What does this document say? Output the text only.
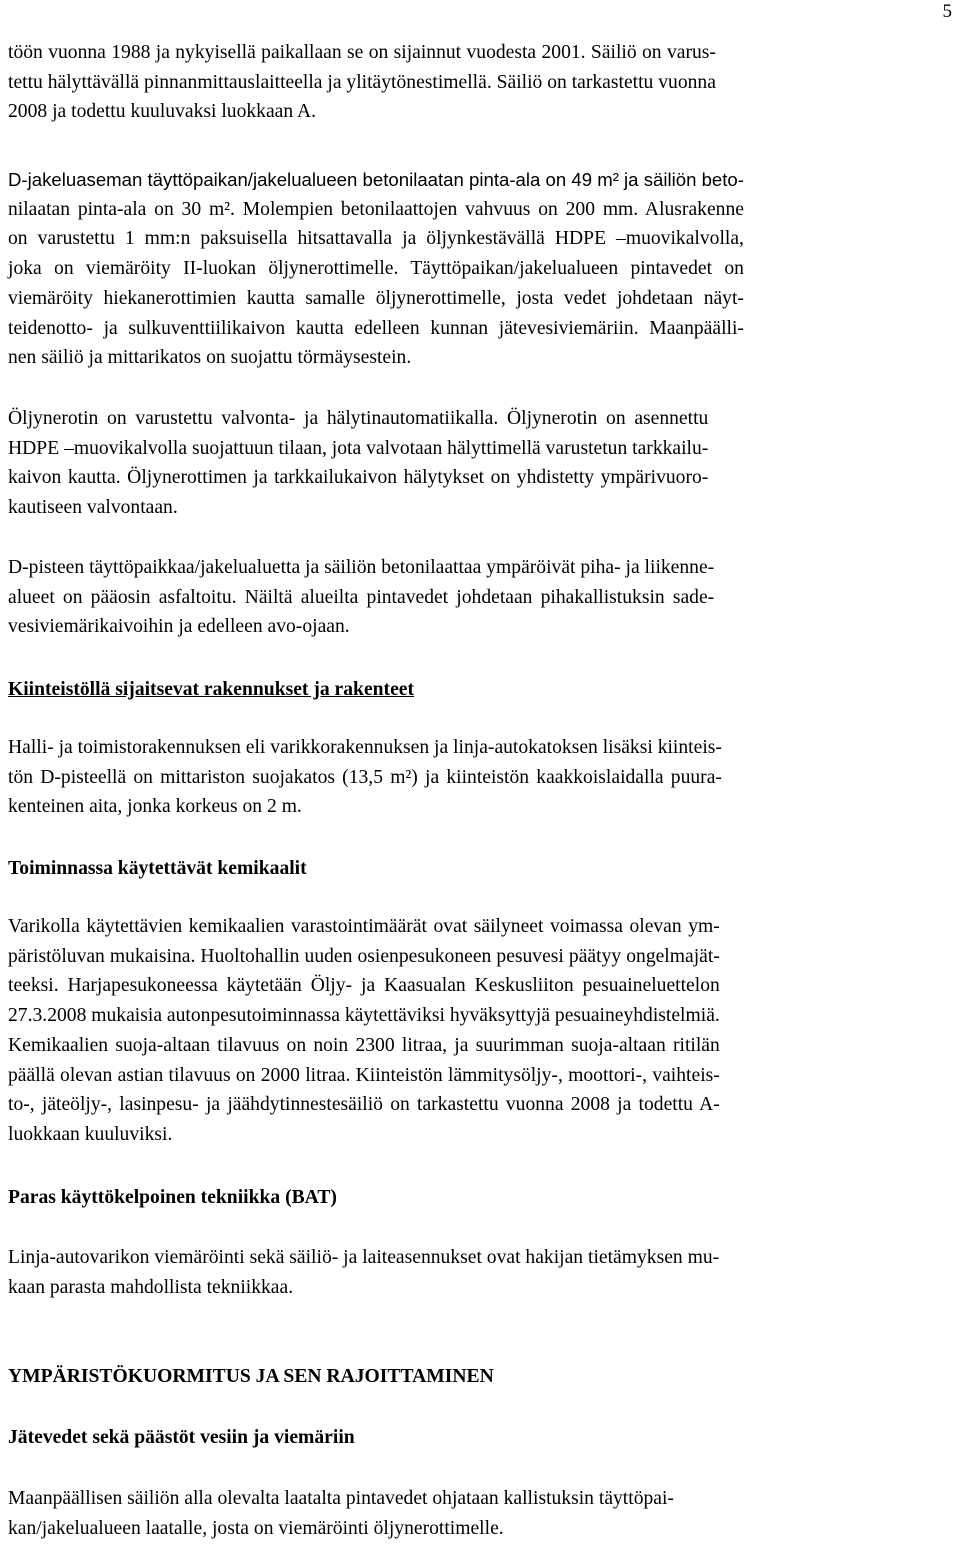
5

töön vuonna 1988 ja nykyisellä paikallaan se on sijainnut vuodesta 2001. Säiliö on varus-
tettu hälyttävällä pinnanmittauslaitteella ja ylitäytönestimellä. Säiliö on tarkastettu vuonna
2008 ja todettu kuuluvaksi luokkaan A.

D-jakeluaseman täyttöpaikan/jakelualueen betonilaatan pinta-ala on 49 m² ja säiliön beto-
nilaatan pinta-ala on 30 m². Molempien betonilaattojen vahvuus on 200 mm. Alusrakenne
on varustettu 1 mm:n paksuisella hitsattavalla ja öljynkestävällä HDPE –muovikalvolla,
joka on viemäröity II-luokan öljynerottimelle. Täyttöpaikan/jakelualueen pintavedet on
viemäröity hiekanerottimien kautta samalle öljynerottimelle, josta vedet johdetaan näyt-
teidenotto- ja sulkuventtiilikaivon kautta edelleen kunnan jätevesiviemäriin. Maanpäälli-
nen säiliö ja mittarikatos on suojattu törmäysestein.

Öljynerotin on varustettu valvonta- ja hälytinautomatiikalla. Öljynerotin on asennettu
HDPE –muovikalvolla suojattuun tilaan, jota valvotaan hälyttimellä varustetun tarkkailu-
kaivon kautta. Öljynerottimen ja tarkkailukaivon hälytykset on yhdistetty ympärivuoro-
kautiseen valvontaan.

D-pisteen täyttöpaikkaa/jakelualuetta ja säiliön betonilaattaa ympäröivät piha- ja liikenne-
alueet on pääosin asfaltoitu. Näiltä alueilta pintavedet johdetaan pihakallistuksin sade-
vesiviemärikaivoihin ja edelleen avo-ojaan.

Kiinteistöllä sijaitsevat rakennukset ja rakenteet

Halli- ja toimistorakennuksen eli varikkorakennuksen ja linja-autokatoksen lisäksi kiinteis-
tön D-pisteellä on mittariston suojakatos (13,5 m²) ja kiinteistön kaakkoislaidalla puura-
kenteinen aita, jonka korkeus on 2 m.

Toiminnassa käytettävät kemikaalit

Varikolla käytettävien kemikaalien varastointimäärät ovat säilyneet voimassa olevan ym-
päristöluvan mukaisina. Huoltohallin uuden osienpesukoneen pesuvesi päätyy ongelmajät-
teeksi. Harjapesukoneessa käytetään Öljy- ja Kaasualan Keskusliiton pesuaineluettelon
27.3.2008 mukaisia autonpesutoiminnassa käytettäviksi hyväksyttyjä pesuaineyhdistelmiä.
Kemikaalien suoja-altaan tilavuus on noin 2300 litraa, ja suurimman suoja-altaan ritilän
päällä olevan astian tilavuus on 2000 litraa. Kiinteistön lämmitysöljy-, moottori-, vaihteis-
to-, jäteöljy-, lasinpesu- ja jäähdytinnestesäiliö on tarkastettu vuonna 2008 ja todettu A-
luokkaan kuuluviksi.

Paras käyttökelpoinen tekniikka (BAT)

Linja-autovarikon viemäröinti sekä säiliö- ja laiteasennukset ovat hakijan tietämyksen mu-
kaan parasta mahdollista tekniikkaa.

YMPÄRISTÖKUORMITUS JA SEN RAJOITTAMINEN
Jätevedet sekä päästöt vesiin ja viemäriin

Maanpäällisen säiliön alla olevalta laatalta pintavedet ohjataan kallistuksin täyttöpai-
kan/jakelualueen laatalle, josta on viemäröinti öljynerottimelle.
